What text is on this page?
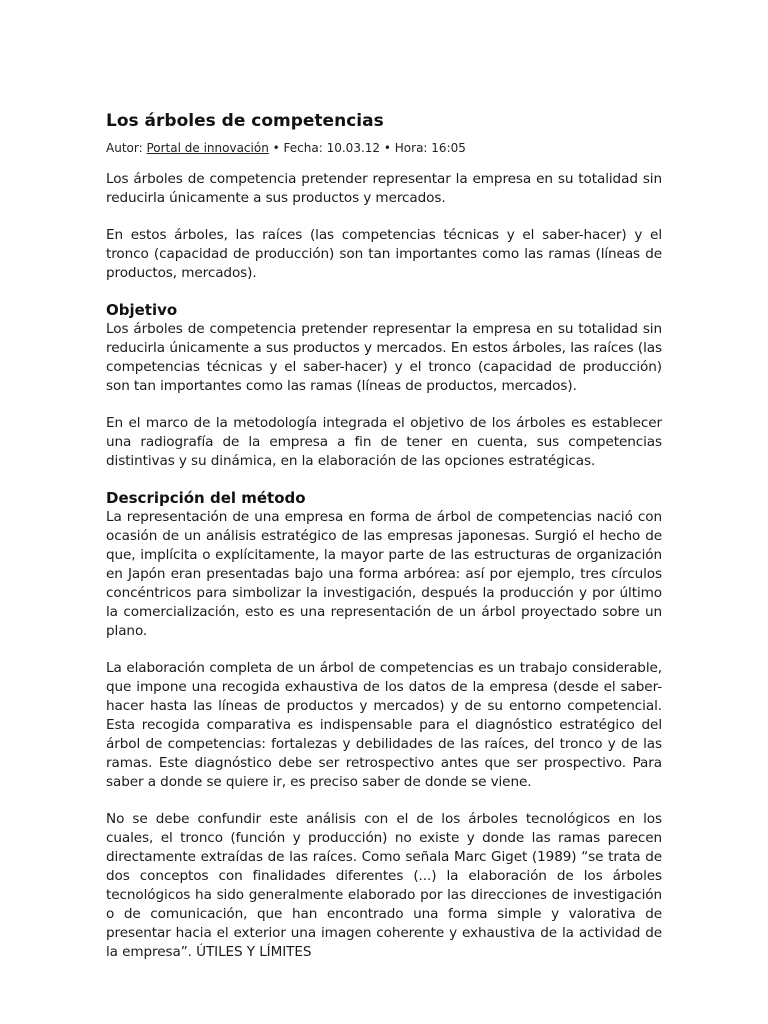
Los árboles de competencias
Autor: Portal de innovación • Fecha: 10.03.12 • Hora: 16:05

Los árboles de competencia pretender representar la empresa en su totalidad sin reducirla únicamente a sus productos y mercados.

En estos árboles, las raíces (las competencias técnicas y el saber-hacer) y el tronco (capacidad de producción) son tan importantes como las ramas (líneas de productos, mercados).

Objetivo

Los árboles de competencia pretender representar la empresa en su totalidad sin reducirla únicamente a sus productos y mercados. En estos árboles, las raíces (las competencias técnicas y el saber-hacer) y el tronco (capacidad de producción) son tan importantes como las ramas (líneas de productos, mercados).

En el marco de la metodología integrada el objetivo de los árboles es establecer una radiografía de la empresa a fin de tener en cuenta, sus competencias distintivas y su dinámica, en la elaboración de las opciones estratégicas.

Descripción del método

La representación de una empresa en forma de árbol de competencias nació con ocasión de un análisis estratégico de las empresas japonesas. Surgió el hecho de que, implícita o explícitamente, la mayor parte de las estructuras de organización en Japón eran presentadas bajo una forma arbórea: así por ejemplo, tres círculos concéntricos para simbolizar la investigación, después la producción y por último la comercialización, esto es una representación de un árbol proyectado sobre un plano.

La elaboración completa de un árbol de competencias es un trabajo considerable, que impone una recogida exhaustiva de los datos de la empresa (desde el saber-hacer hasta las líneas de productos y mercados) y de su entorno competencial. Esta recogida comparativa es indispensable para el diagnóstico estratégico del árbol de competencias: fortalezas y debilidades de las raíces, del tronco y de las ramas. Este diagnóstico debe ser retrospectivo antes que ser prospectivo. Para saber a donde se quiere ir, es preciso saber de donde se viene.

No se debe confundir este análisis con el de los árboles tecnológicos en los cuales, el tronco (función y producción) no existe y donde las ramas parecen directamente extraídas de las raíces. Como señala Marc Giget (1989) “se trata de dos conceptos con finalidades diferentes (...) la elaboración de los árboles tecnológicos ha sido generalmente elaborado por las direcciones de investigación o de comunicación, que han encontrado una forma simple y valorativa de presentar hacia el exterior una imagen coherente y exhaustiva de la actividad de la empresa”. ÚTILES Y LÍMITES
